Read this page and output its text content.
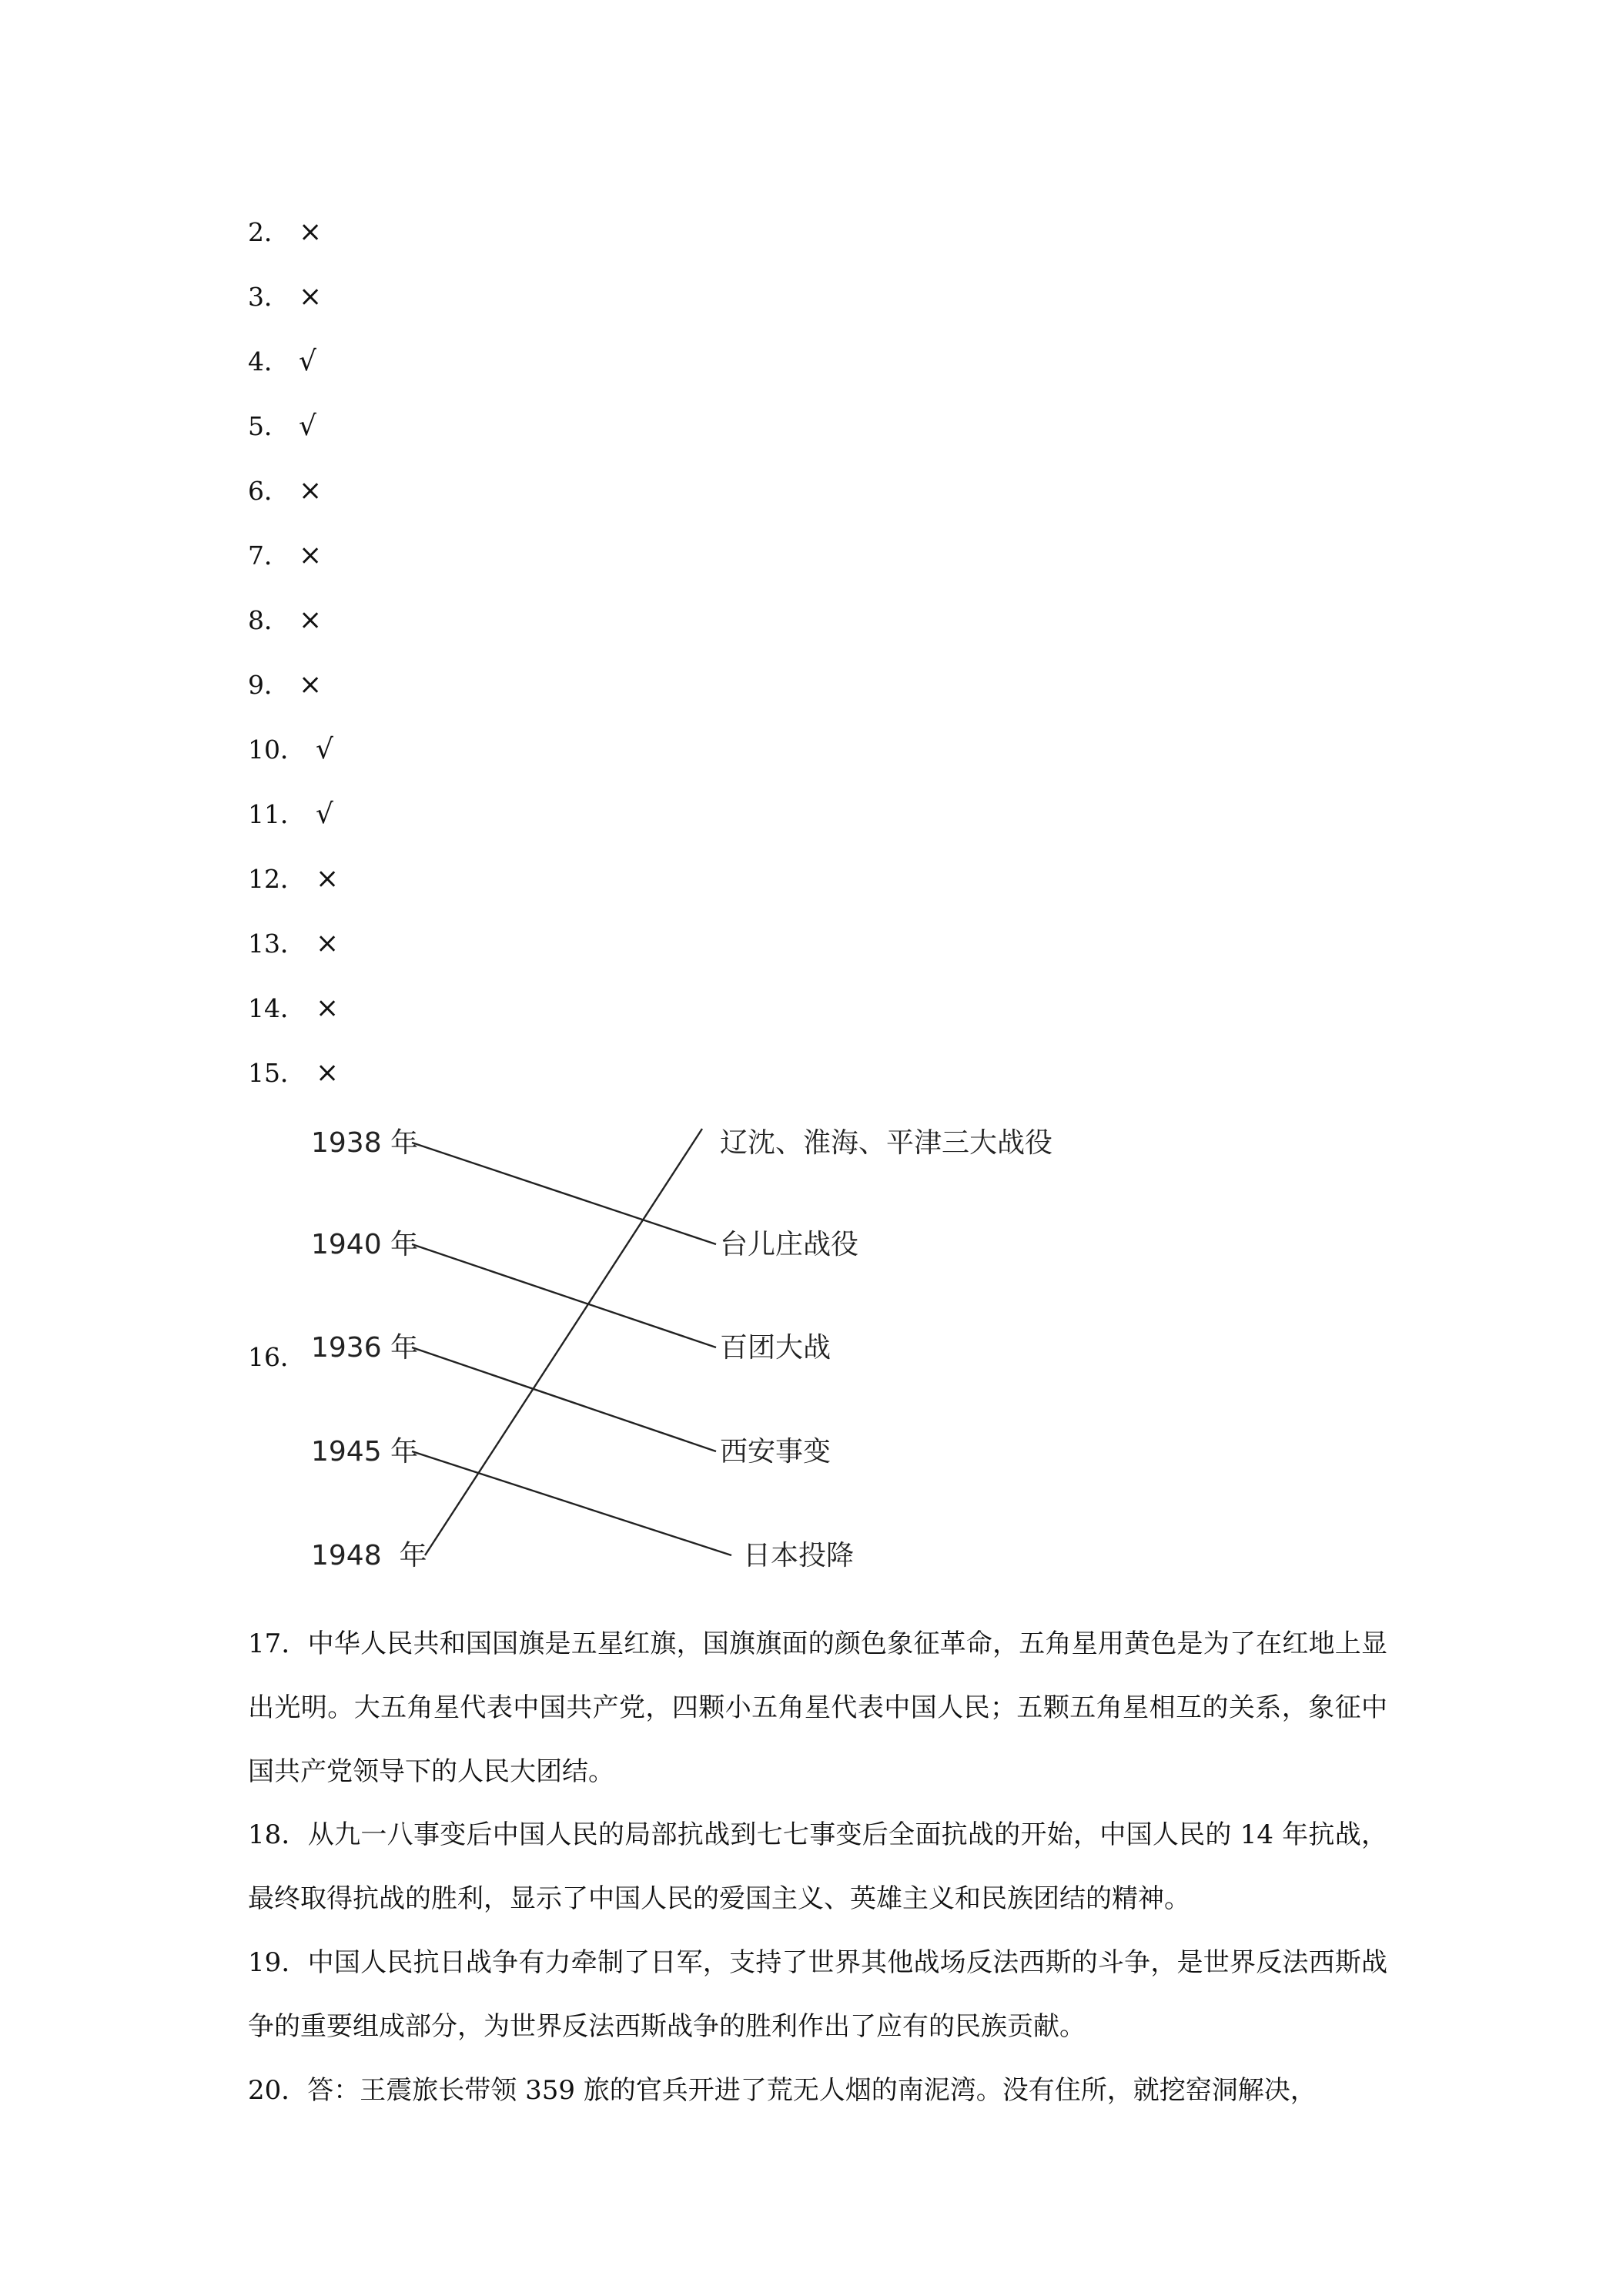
2． ×
3． ×
4． √
5． √
6． ×
7． ×
8． ×
9． ×
10． √
11． √
12． ×
13． ×
14． ×
15． ×
16．
1938 年
1940 年
1936 年
1945 年
1948  年
辽沈、淮海、平津三大战役
台儿庄战役
百团大战
西安事变
日本投降

17．中华人民共和国国旗是五星红旗，国旗旗面的颜色象征革命，五角星用黄色是为了在红地上显出光明。大五角星代表中国共产党，四颗小五角星代表中国人民；五颗五角星相互的关系，象征中国共产党领导下的人民大团结。

18．从九一八事变后中国人民的局部抗战到七七事变后全面抗战的开始，中国人民的 14 年抗战，最终取得抗战的胜利，显示了中国人民的爱国主义、英雄主义和民族团结的精神。

19．中国人民抗日战争有力牵制了日军，支持了世界其他战场反法西斯的斗争，是世界反法西斯战争的重要组成部分，为世界反法西斯战争的胜利作出了应有的民族贡献。

20．答：王震旅长带领 359 旅的官兵开进了荒无人烟的南泥湾。没有住所，就挖窑洞解决，
